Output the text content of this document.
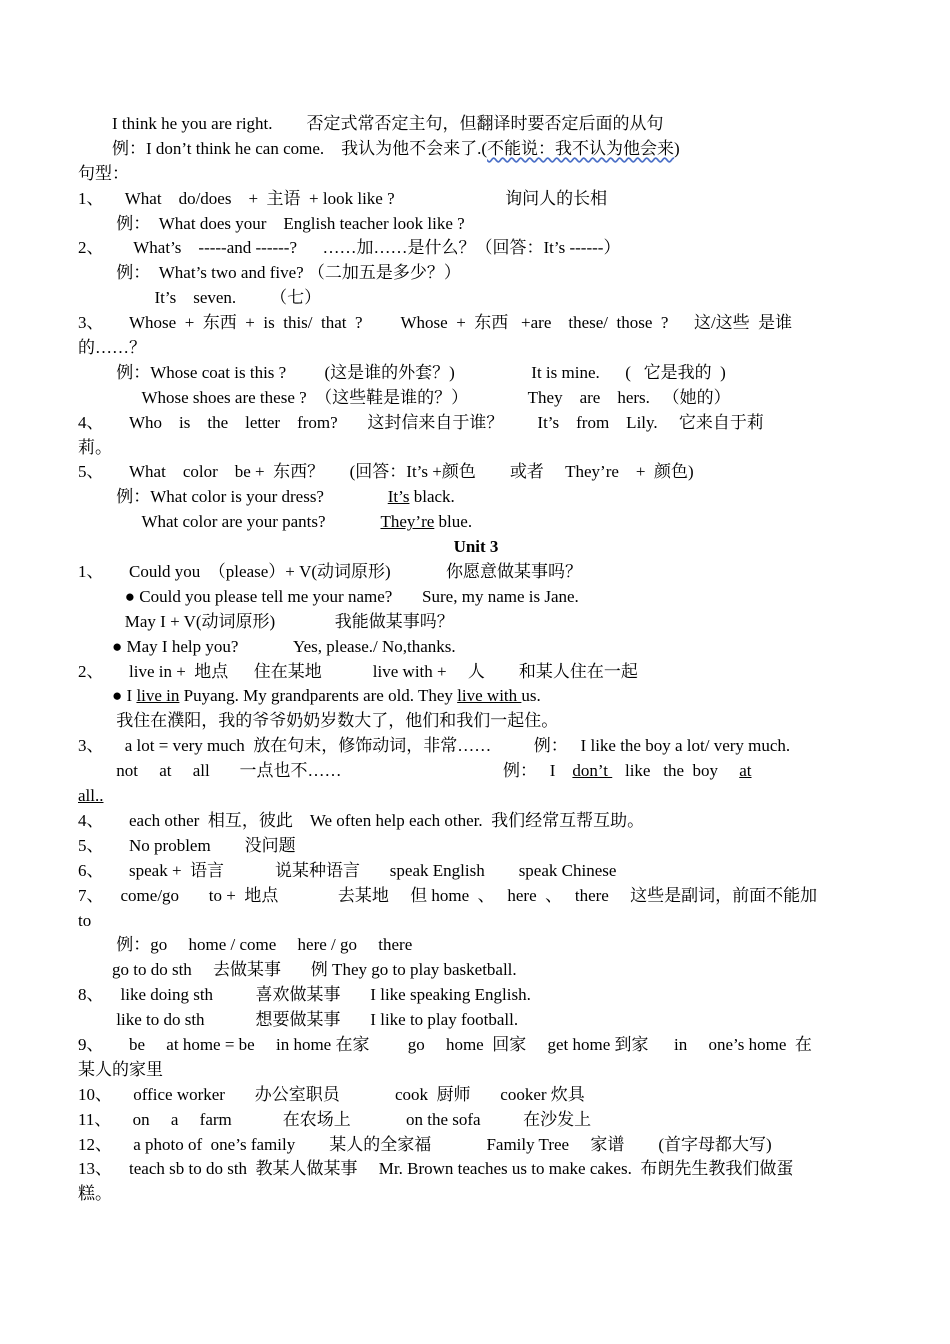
I think he you are right.        否定式常否定主句，但翻译时要否定后面的从句
例：I don’t think he can come.    我认为他不会来了.(不能说：我不认为他会来)
句型：
1、     What    do/does    +  主语  + look like ?                          询问人的长相
例：  What does your    English teacher look like ?
2、       What’s    -----and ------?      ……加……是什么？（回答：It’s ------）
例：  What’s two and five? （二加五是多少？）
It’s    seven.        （七）
3、      Whose  +  东西  +  is  this/  that  ?         Whose  +  东西   +are    these/  those  ?      这/这些  是谁
的……？
例：Whose coat is this ?         (这是谁的外套？)                  It is mine.      (   它是我的  )
Whose shoes are these ?  （这些鞋是谁的？）              They    are    hers.   （她的）
4、      Who    is    the    letter    from?       这封信来自于谁？        It’s    from    Lily.     它来自于莉
莉。
5、      What    color    be +  东西？      (回答：It’s +颜色        或者     They’re    +  颜色)
例：What color is your dress?               It’s black.
What color are your pants?             They’re blue.
Unit 3
1、      Could you  （please）+ V(动词原形)             你愿意做某事吗？
● Could you please tell me your name?       Sure, my name is Jane.
May I + V(动词原形)              我能做某事吗？
● May I help you?             Yes, please./ No,thanks.
2、      live in +  地点      住在某地            live with +     人        和某人住在一起
● I live in Puyang. My grandparents are old. They live with us.
我住在濮阳，我的爷爷奶奶岁数大了，他们和我们一起住。
3、     a lot = very much  放在句末，修饰动词，非常……          例：   I like the boy a lot/ very much.
not     at     all       一点也不……                                      例：   I    don’t    like   the  boy     at
all..
4、      each other  相互，彼此    We often help each other.  我们经常互帮互助。
5、      No problem        没问题
6、      speak +  语言            说某种语言       speak English        speak Chinese
7、    come/go       to +  地点              去某地     但 home  、   here  、   there     这些是副词，前面不能加
to
例：go     home / come     here / go     there
go to do sth     去做某事       例 They go to play basketball.
8、    like doing sth          喜欢做某事       I like speaking English.
like to do sth            想要做某事       I like to play football.
9、      be     at home = be     in home 在家         go     home  回家     get home 到家      in     one’s home  在
某人的家里
10、     office worker       办公室职员             cook  厨师       cooker 炊具
11、     on     a     farm            在农场上             on the sofa          在沙发上
12、     a photo of  one’s family        某人的全家福             Family Tree     家谱        (首字母都大写)
13、    teach sb to do sth  教某人做某事     Mr. Brown teaches us to make cakes.  布朗先生教我们做蛋
糕。
